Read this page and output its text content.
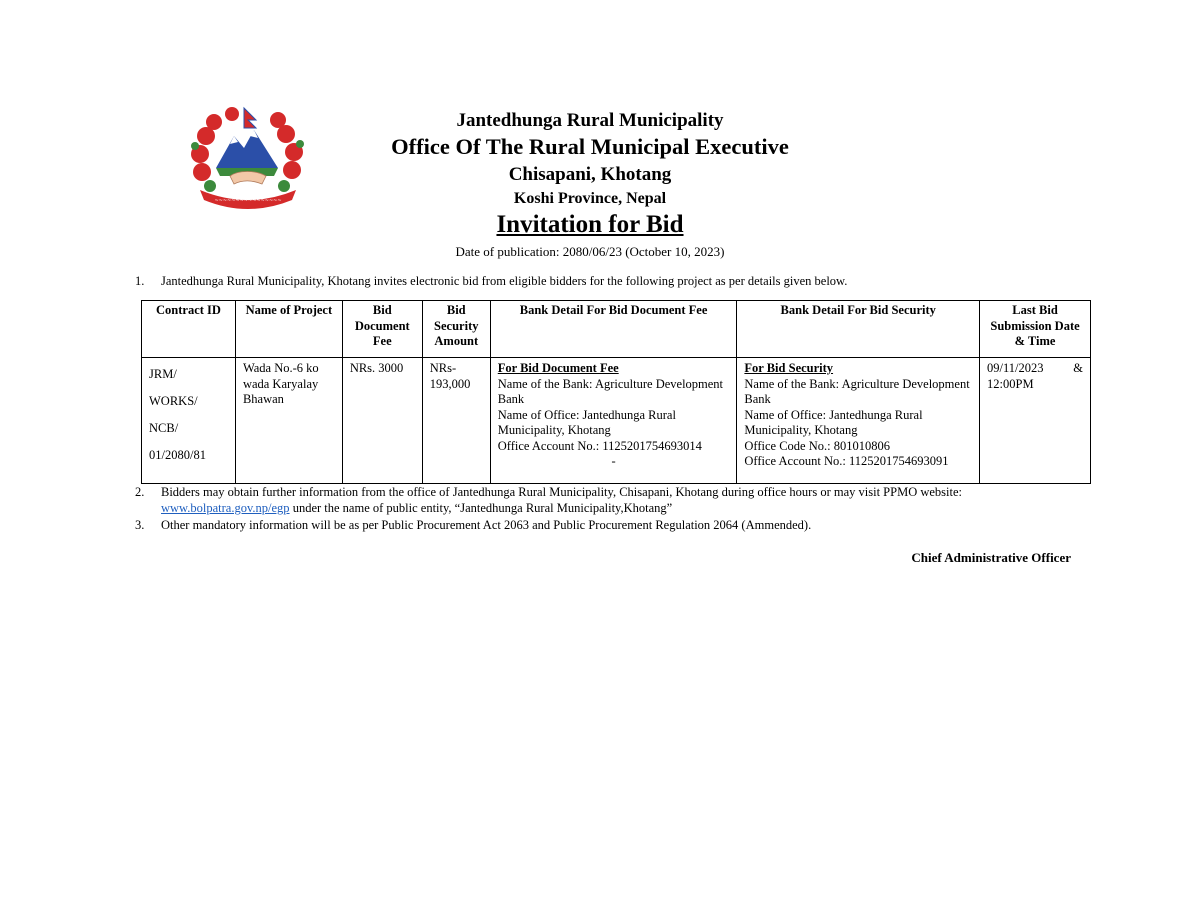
~~~~~~~~~~~~~~~~
Jantedhunga Rural Municipality
Office Of The Rural Municipal Executive
Chisapani, Khotang
Koshi Province, Nepal
Invitation for Bid
Date of publication: 2080/06/23 (October 10, 2023)
1.	Jantedhunga Rural Municipality, Khotang invites electronic bid from eligible bidders for the following project as per details given below.
Contract ID	Name of Project	Bid Document Fee	Bid Security Amount	Bank Detail For Bid Document Fee	Bank Detail For Bid Security	Last Bid Submission Date & Time

JRM/
WORKS/
NCB/
01/2080/81	Wada No.-6 ko wada Karyalay Bhawan	NRs. 3000	NRs-193,000	For Bid Document Fee
Name of the Bank: Agriculture Development Bank
Name of Office: Jantedhunga Rural Municipality, Khotang
Office Account No.: 1125201754693014
-	For Bid Security
Name of the Bank: Agriculture Development Bank
Name of Office: Jantedhunga Rural Municipality, Khotang
Office Code No.: 801010806
Office Account No.: 1125201754693091	09/11/2023 &
12:00PM
2.	Bidders may obtain further information from the office of Jantedhunga Rural Municipality, Chisapani, Khotang during office hours or may visit PPMO website: www.bolpatra.gov.np/egp under the name of public entity, “Jantedhunga Rural Municipality,Khotang”
3.	Other mandatory information will be as per Public Procurement Act 2063 and Public Procurement Regulation 2064 (Ammended).
Chief Administrative Officer
